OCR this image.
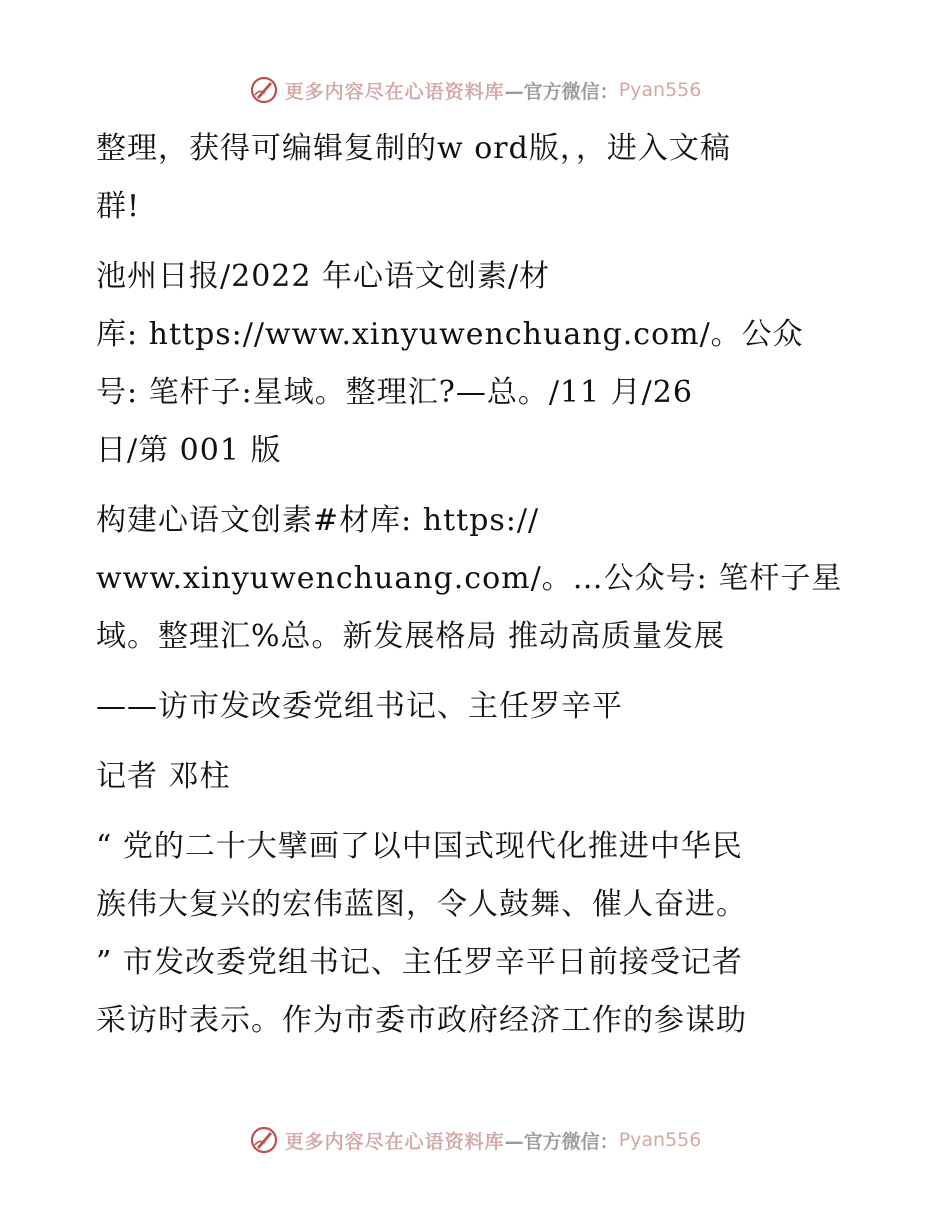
更多内容尽在心语资料库 —官方微信： Pyan556

整理，获得可编辑复制的w ord版，，进入文稿
群!

池州日报/2022 年心语文创素/材
库: https://www.xinyuwenchuang.com/。公众
号: 笔杆子:星域。整理汇?—总。/11 月/26
日/第 001 版

构建心语文创素#材库: https://
www.xinyuwenchuang.com/。…公众号: 笔杆子星
域。整理汇%总。新发展格局 推动高质量发展

——访市发改委党组书记、主任罗辛平

记者 邓柱

“ 党的二十大擘画了以中国式现代化推进中华民
族伟大复兴的宏伟蓝图，令人鼓舞、催人奋进。
” 市发改委党组书记、主任罗辛平日前接受记者
采访时表示。作为市委市政府经济工作的参谋助

更多内容尽在心语资料库 —官方微信： Pyan556
